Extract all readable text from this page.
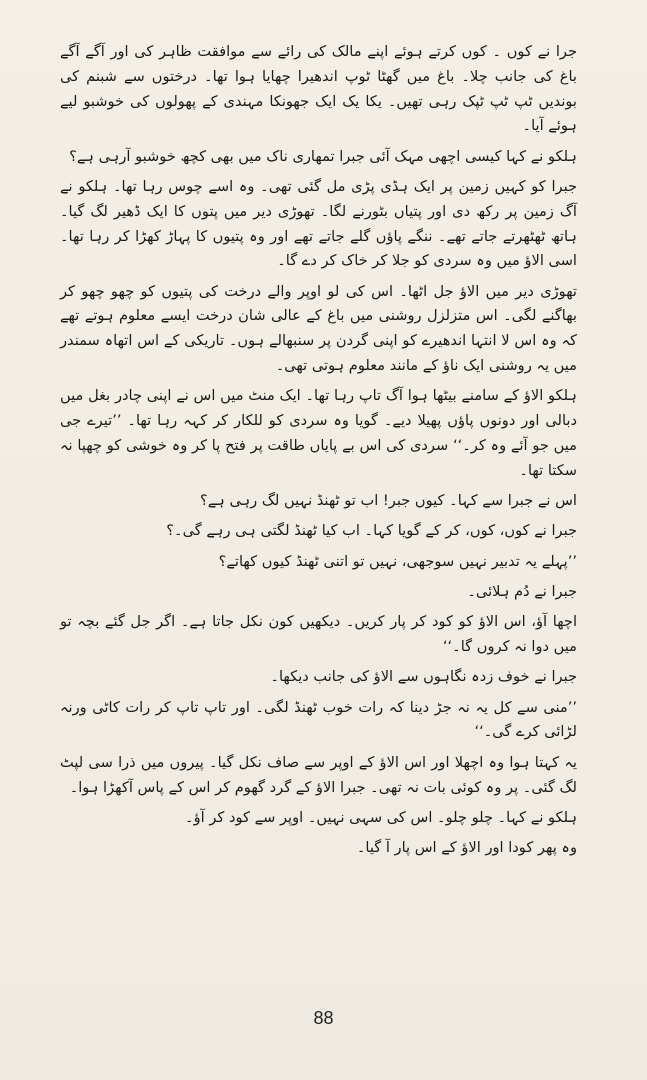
جرا نے کوں ۔ کوں کرتے ہوئے اپنے مالک کی رائے سے موافقت ظاہر کی اور آگے آگے باغ کی جانب چلا۔ باغ میں گھٹا ٹوپ اندھیرا چھایا ہوا تھا۔ درختوں سے شبنم کی بوندیں ٹپ ٹپ ٹپک رہی تھیں۔ یکا یک ایک جھونکا مہندی کے پھولوں کی خوشبو لیے ہوئے آیا۔

ہلکو نے کہا کیسی اچھی مہک آئی جبرا تمھاری ناک میں بھی کچھ خوشبو آرہی ہے؟

جبرا کو کہیں زمین پر ایک ہڈی پڑی مل گئی تھی۔ وہ اسے چوس رہا تھا۔ ہلکو نے آگ زمین پر رکھ دی اور پتیاں بٹورنے لگا۔ تھوڑی دیر میں پتوں کا ایک ڈھیر لگ گیا۔ ہاتھ ٹھٹھرتے جاتے تھے۔ ننگے پاؤں گلے جاتے تھے اور وہ پتیوں کا پہاڑ کھڑا کر رہا تھا۔ اسی الاؤ میں وہ سردی کو جلا کر خاک کر دے گا۔

تھوڑی دیر میں الاؤ جل اٹھا۔ اس کی لو اوپر والے درخت کی پتیوں کو چھو چھو کر بھاگنے لگی۔ اس متزلزل روشنی میں باغ کے عالی شان درخت ایسے معلوم ہوتے تھے کہ وہ اس لا انتہا اندھیرے کو اپنی گردن پر سنبھالے ہوں۔ تاریکی کے اس اتھاہ سمندر میں یہ روشنی ایک ناؤ کے مانند معلوم ہوتی تھی۔

ہلکو الاؤ کے سامنے بیٹھا ہوا آگ تاپ رہا تھا۔ ایک منٹ میں اس نے اپنی چادر بغل میں دبالی اور دونوں پاؤں پھیلا دیے۔ گویا وہ سردی کو للکار کر کہہ رہا تھا۔ ’’تیرے جی میں جو آئے وہ کر۔‘‘ سردی کی اس بے پایاں طاقت پر فتح پا کر وہ خوشی کو چھپا نہ سکتا تھا۔

اس نے جبرا سے کہا۔ کیوں جبر! اب تو ٹھنڈ نہیں لگ رہی ہے؟

جبرا نے کوں، کوں، کر کے گویا کہا۔ اب کیا ٹھنڈ لگتی ہی رہے گی۔؟

’’پہلے یہ تدبیر نہیں سوجھی، نہیں تو اتنی ٹھنڈ کیوں کھاتے؟

جبرا نے دُم ہلائی۔

اچھا آؤ، اس الاؤ کو کود کر پار کریں۔ دیکھیں کون نکل جاتا ہے۔ اگر جل گئے بچہ تو میں دوا نہ کروں گا۔‘‘

جبرا نے خوف زدہ نگاہوں سے الاؤ کی جانب دیکھا۔

’’منی سے کل یہ نہ جڑ دینا کہ رات خوب ٹھنڈ لگی۔ اور تاپ تاپ کر رات کاٹی ورنہ لڑائی کرے گی۔‘‘

یہ کہتا ہوا وہ اچھلا اور اس الاؤ کے اوپر سے صاف نکل گیا۔ پیروں میں ذرا سی لپٹ لگ گئی۔ پر وہ کوئی بات نہ تھی۔ جبرا الاؤ کے گرد گھوم کر اس کے پاس آکھڑا ہوا۔

ہلکو نے کہا۔ چلو چلو۔ اس کی سہی نہیں۔ اوپر سے کود کر آؤ۔

وہ پھر کودا اور الاؤ کے اس پار آ گیا۔

88
